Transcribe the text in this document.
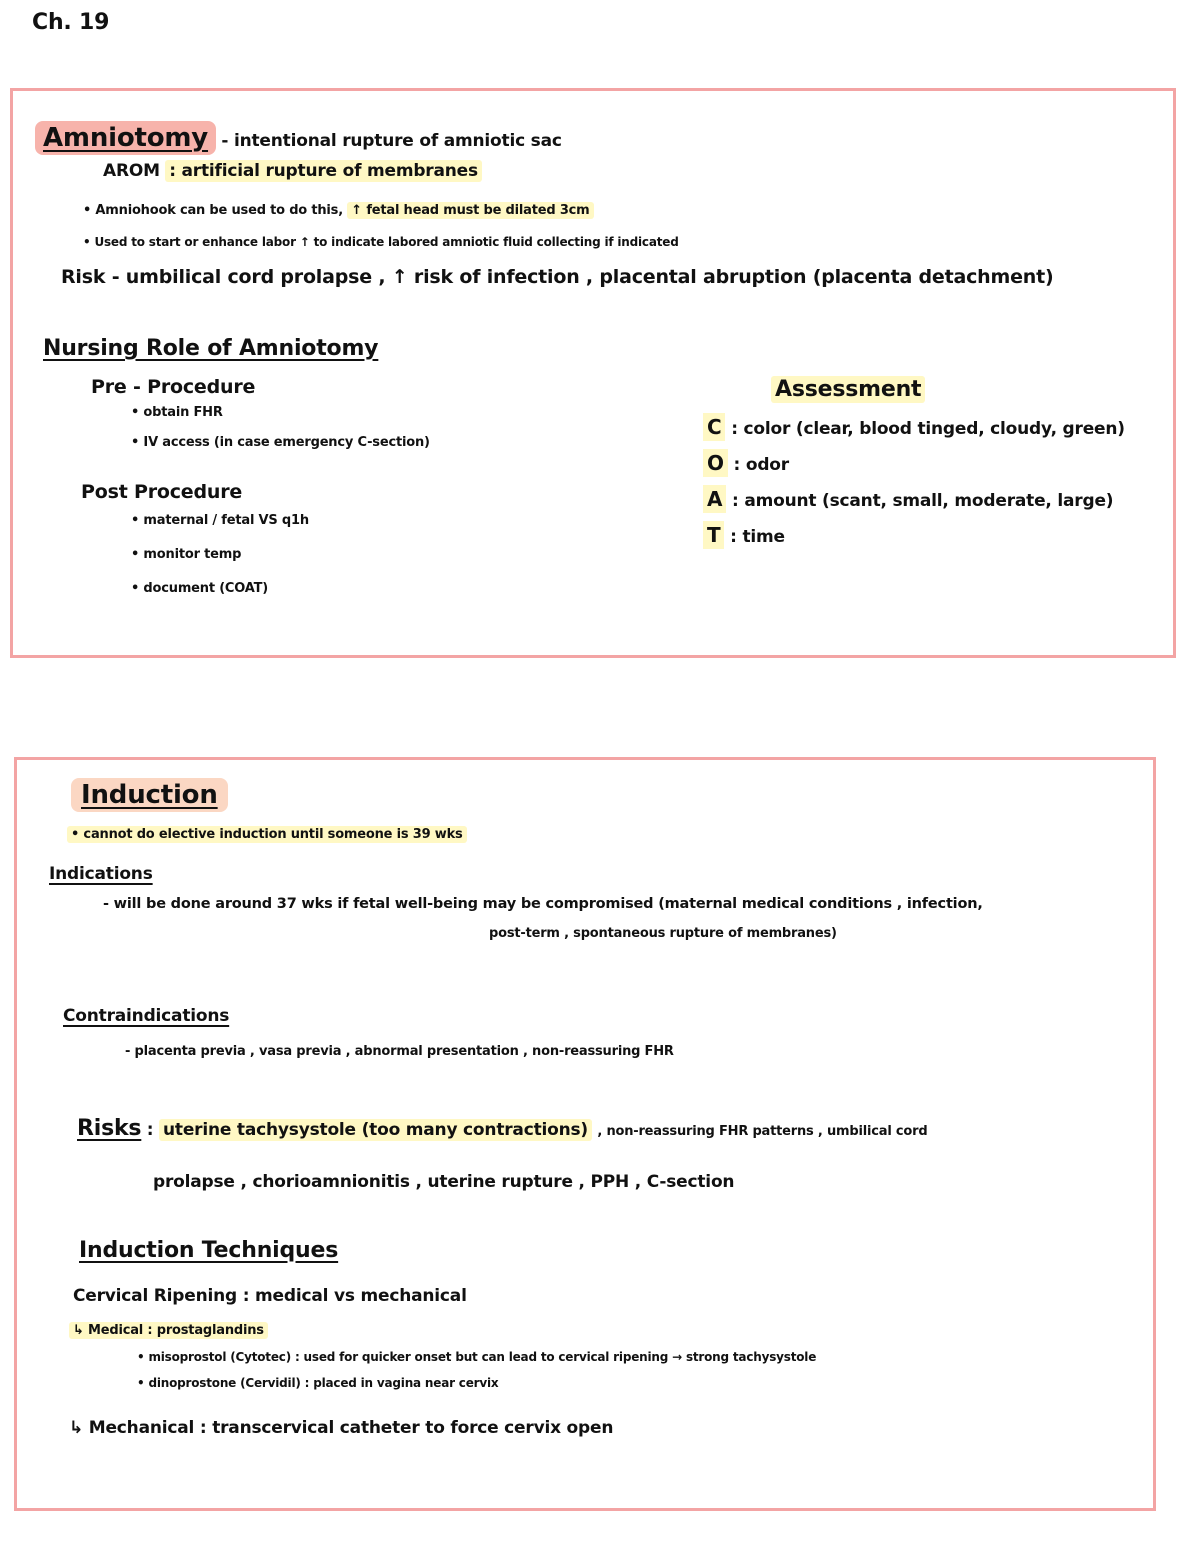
Ch. 19
Amniotomy - intentional rupture of amniotic sac
AROM : artificial rupture of membranes
• Amniohook can be used to do this, ↑ fetal head must be dilated 3cm
• Used to start or enhance labor ↑ to indicate labored amniotic fluid collecting if indicated
Risk - umbilical cord prolapse , ↑ risk of infection , placental abruption (placenta detachment)
Nursing Role of Amniotomy
Pre - Procedure
• obtain FHR
• IV access (in case emergency C-section)
Post Procedure
• maternal / fetal VS q1h
• monitor temp
• document (COAT)
Assessment
C : color (clear, blood tinged, cloudy, green)
O : odor
A : amount (scant, small, moderate, large)
T : time
Induction
• cannot do elective induction until someone is 39 wks
Indications
- will be done around 37 wks if fetal well-being may be compromised (maternal medical conditions , infection,
post-term , spontaneous rupture of membranes)
Contraindications
- placenta previa , vasa previa , abnormal presentation , non-reassuring FHR
Risks : uterine tachysystole (too many contractions) , non-reassuring FHR patterns , umbilical cord
prolapse , chorioamnionitis , uterine rupture , PPH , C-section
Induction Techniques
Cervical Ripening : medical vs mechanical
↳ Medical : prostaglandins
• misoprostol (Cytotec) : used for quicker onset but can lead to cervical ripening → strong tachysystole
• dinoprostone (Cervidil) : placed in vagina near cervix
↳ Mechanical : transcervical catheter to force cervix open
